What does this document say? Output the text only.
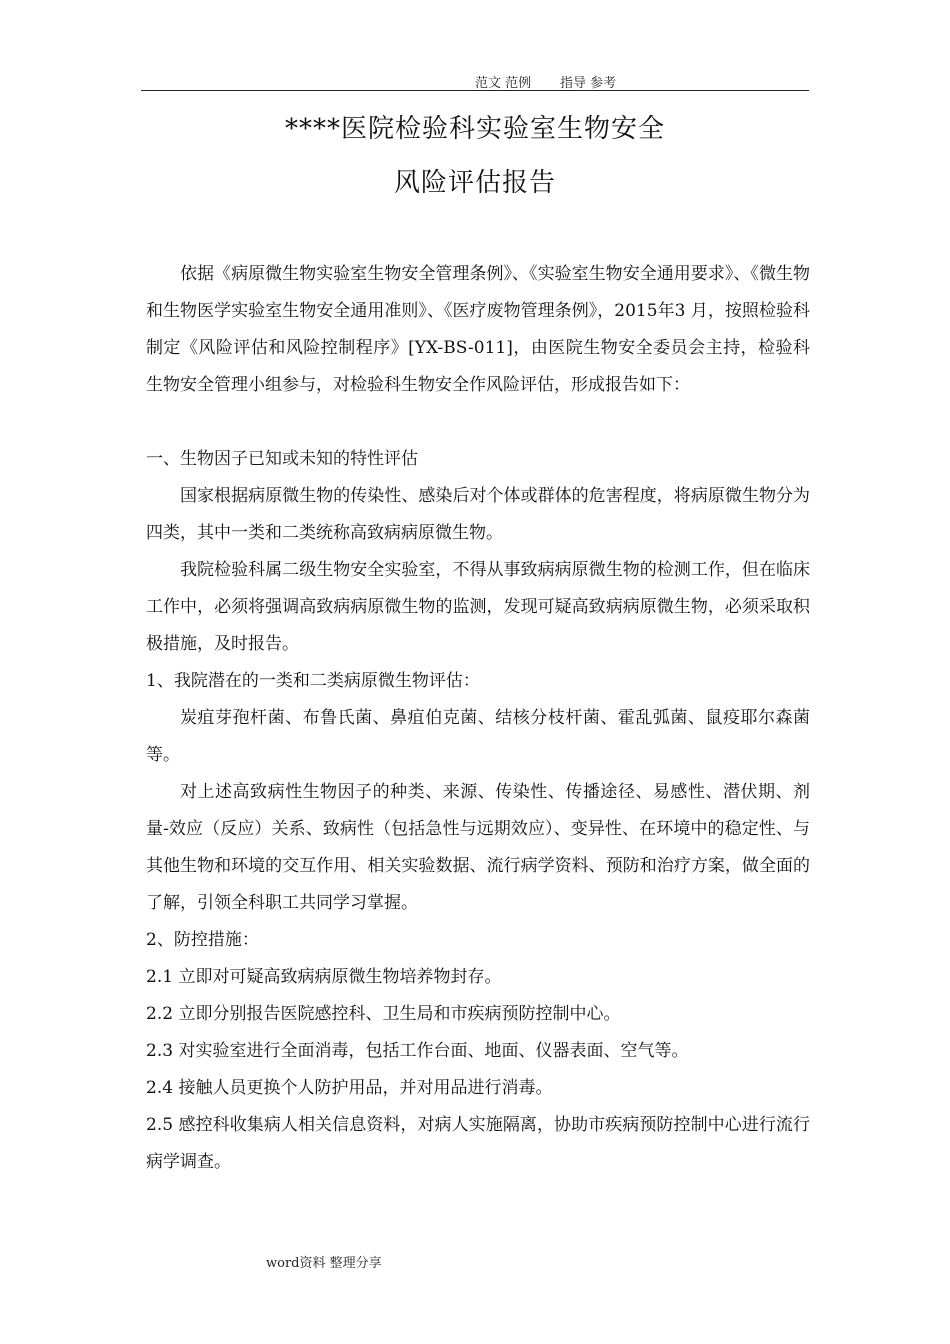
范文 范例 指导 参考
****医院检验科实验室生物安全
风险评估报告

依据《病原微生物实验室生物安全管理条例》、《实验室生物安全通用要求》、《微生物和生物医学实验室生物安全通用准则》、《医疗废物管理条例》，2015年3 月，按照检验科制定《风险评估和风险控制程序》[YX-BS-011]，由医院生物安全委员会主持，检验科生物安全管理小组参与，对检验科生物安全作风险评估，形成报告如下：

一、生物因子已知或未知的特性评估

国家根据病原微生物的传染性、感染后对个体或群体的危害程度，将病原微生物分为四类，其中一类和二类统称高致病病原微生物。

我院检验科属二级生物安全实验室，不得从事致病病原微生物的检测工作，但在临床工作中，必须将强调高致病病原微生物的监测，发现可疑高致病病原微生物，必须采取积极措施，及时报告。

1、我院潜在的一类和二类病原微生物评估：

炭疽芽孢杆菌、布鲁氏菌、鼻疽伯克菌、结核分枝杆菌、霍乱弧菌、鼠疫耶尔森菌等。

对上述高致病性生物因子的种类、来源、传染性、传播途径、易感性、潜伏期、剂量-效应（反应）关系、致病性（包括急性与远期效应）、变异性、在环境中的稳定性、与其他生物和环境的交互作用、相关实验数据、流行病学资料、预防和治疗方案，做全面的了解，引领全科职工共同学习掌握。

2、防控措施：

2.1 立即对可疑高致病病原微生物培养物封存。

2.2 立即分别报告医院感控科、卫生局和市疾病预防控制中心。

2.3 对实验室进行全面消毒，包括工作台面、地面、仪器表面、空气等。

2.4 接触人员更换个人防护用品，并对用品进行消毒。

2.5 感控科收集病人相关信息资料，对病人实施隔离，协助市疾病预防控制中心进行流行病学调查。

word资料 整理分享
